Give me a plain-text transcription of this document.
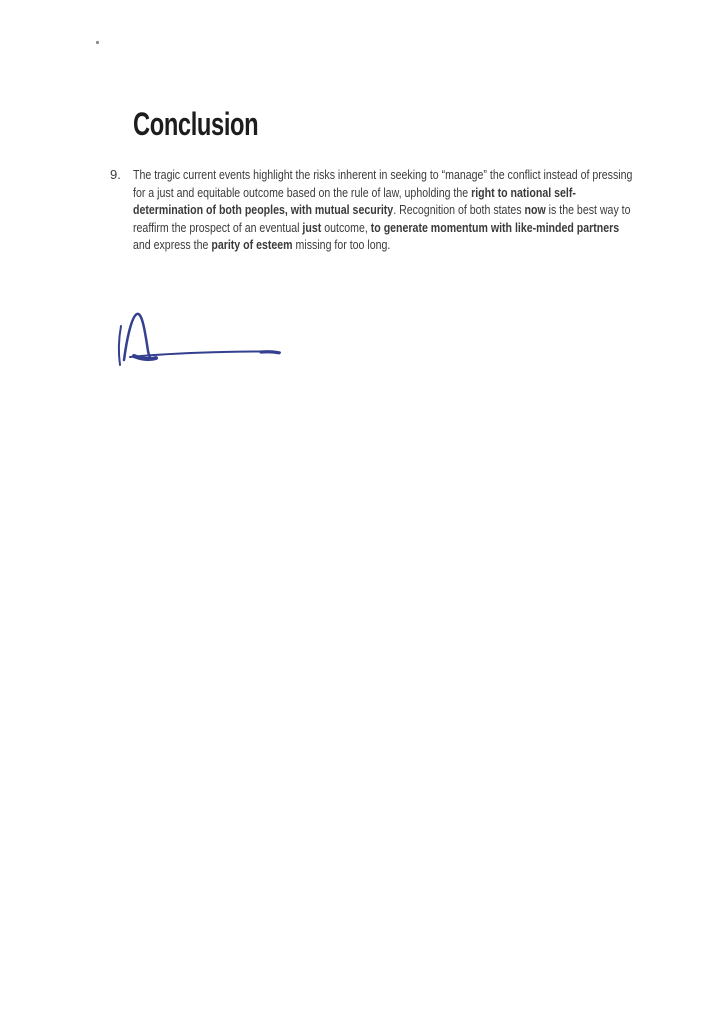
Conclusion
9. The tragic current events highlight the risks inherent in seeking to “manage” the conflict instead of pressing for a just and equitable outcome based on the rule of law, upholding the right to national self-determination of both peoples, with mutual security. Recognition of both states now is the best way to reaffirm the prospect of an eventual just outcome, to generate momentum with like-minded partners and express the parity of esteem missing for too long.
